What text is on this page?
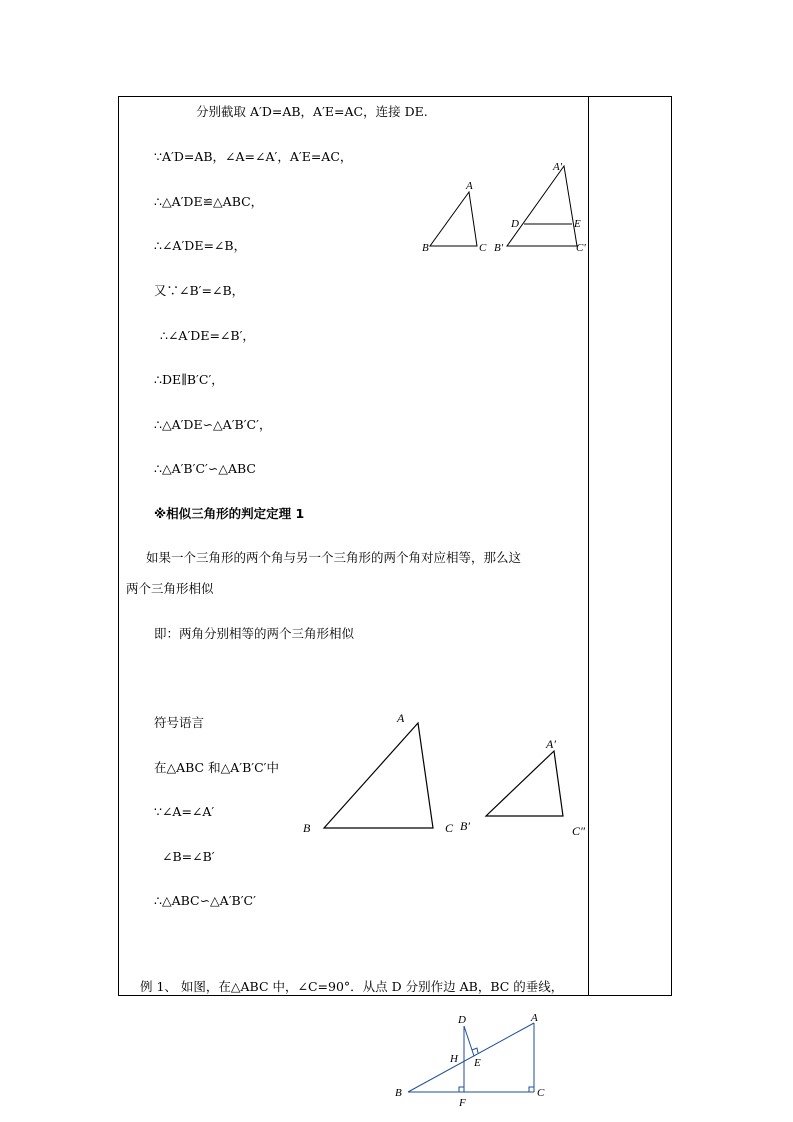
分别截取 A′D=AB，A′E=AC，连接 DE.
∵A′D=AB，∠A=∠A′，A′E=AC，
∴△A′DE≌△ABC，
∴∠A′DE=∠B，
又∵∠B′=∠B，
∴∠A′DE=∠B′，
∴DE∥B′C′，
∴△A′DE∽△A′B′C′，
∴△A′B′C′∽△ABC
※相似三角形的判定定理 1
如果一个三角形的两个角与另一个三角形的两个角对应相等，那么这
两个三角形相似
即：两角分别相等的两个三角形相似
符号语言
在△ABC 和△A′B′C′中
∵∠A=∠A′
∠B=∠B′
∴△ABC∽△A′B′C′
例 1、 如图，在△ABC 中，∠C=90°．从点 D 分别作边 AB，BC 的垂线，
A
B	C
A'
D	E
B'	C'
A
B	C
A′
B′	C″
D	A
H E
B	C
F
